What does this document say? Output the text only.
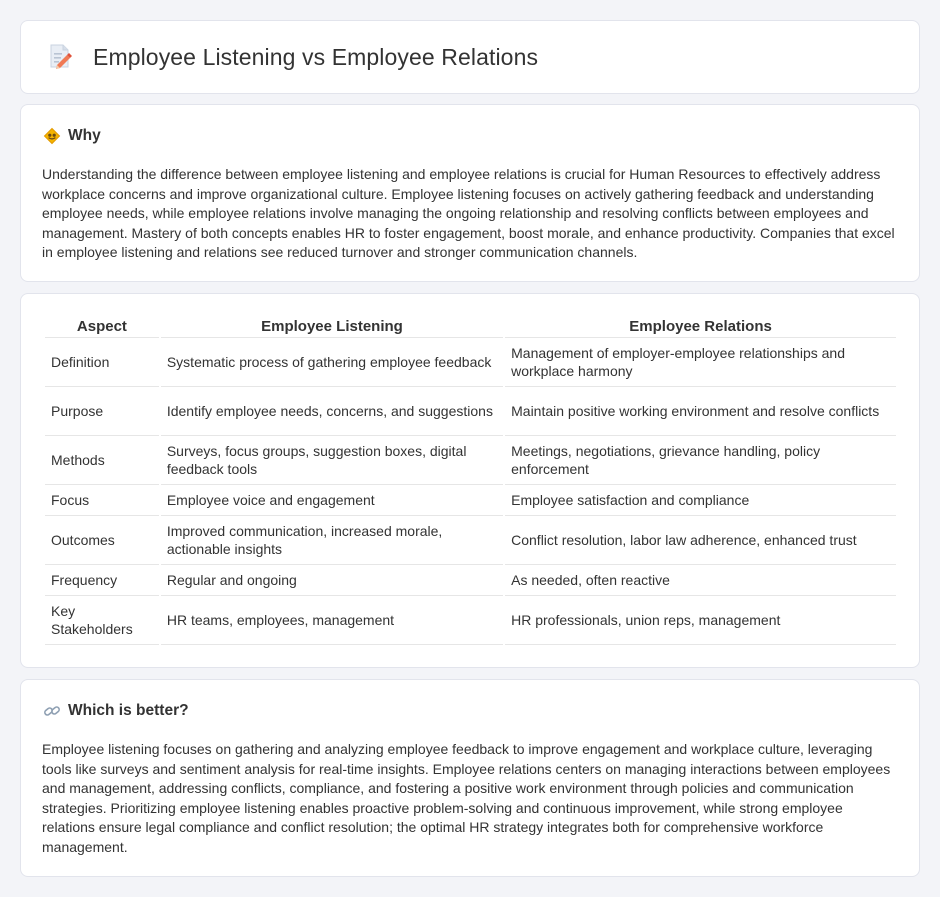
Employee Listening vs Employee Relations
Why

Understanding the difference between employee listening and employee relations is crucial for Human Resources to effectively address workplace concerns and improve organizational culture. Employee listening focuses on actively gathering feedback and understanding employee needs, while employee relations involve managing the ongoing relationship and resolving conflicts between employees and management. Mastery of both concepts enables HR to foster engagement, boost morale, and enhance productivity. Companies that excel in employee listening and relations see reduced turnover and stronger communication channels.

Aspect	Employee Listening	Employee Relations
Definition	Systematic process of gathering employee feedback	Management of employer-employee relationships and workplace harmony
Purpose	Identify employee needs, concerns, and suggestions	Maintain positive working environment and resolve conflicts
Methods	Surveys, focus groups, suggestion boxes, digital feedback tools	Meetings, negotiations, grievance handling, policy enforcement
Focus	Employee voice and engagement	Employee satisfaction and compliance
Outcomes	Improved communication, increased morale, actionable insights	Conflict resolution, labor law adherence, enhanced trust
Frequency	Regular and ongoing	As needed, often reactive
Key Stakeholders	HR teams, employees, management	HR professionals, union reps, management
Which is better?

Employee listening focuses on gathering and analyzing employee feedback to improve engagement and workplace culture, leveraging tools like surveys and sentiment analysis for real-time insights. Employee relations centers on managing interactions between employees and management, addressing conflicts, compliance, and fostering a positive work environment through policies and communication strategies. Prioritizing employee listening enables proactive problem-solving and continuous improvement, while strong employee relations ensure legal compliance and conflict resolution; the optimal HR strategy integrates both for comprehensive workforce management.
